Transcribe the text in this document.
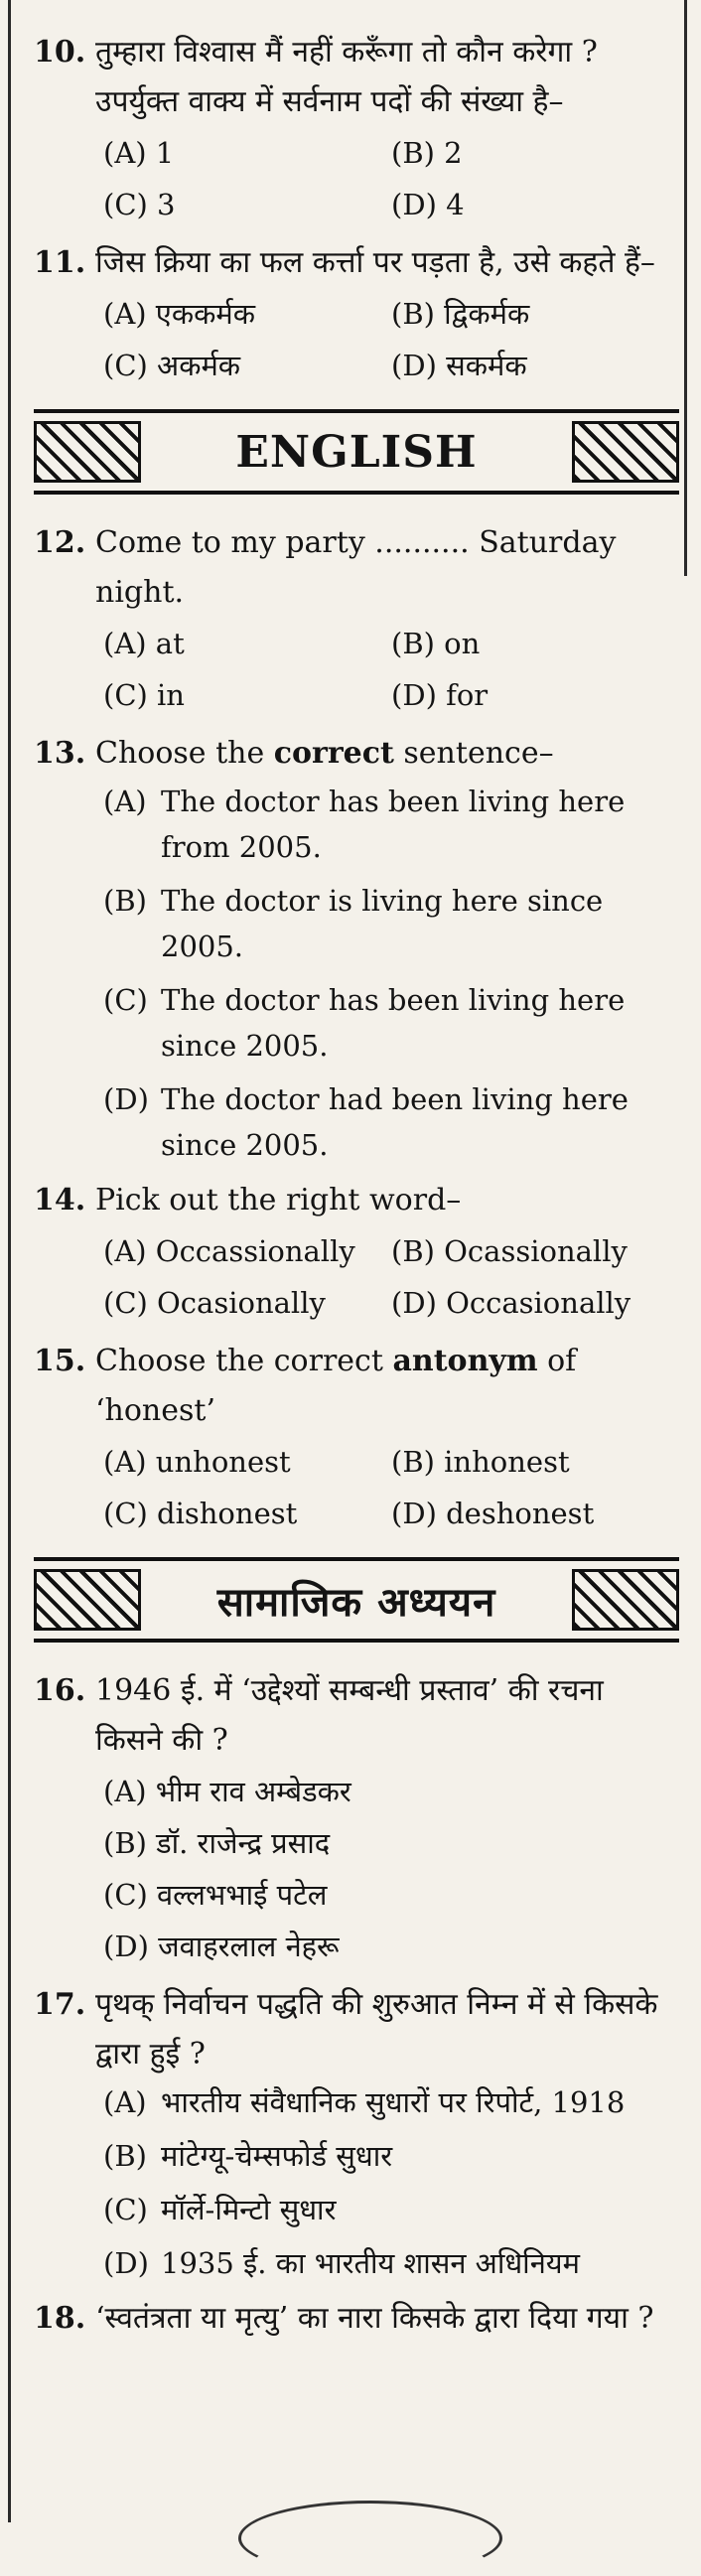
10. तुम्हारा विश्वास मैं नहीं करूँगा तो कौन करेगा ? उपर्युक्त वाक्य में सर्वनाम पदों की संख्या है–
(A) 1	(B) 2
(C) 3	(D) 4
11. जिस क्रिया का फल कर्त्ता पर पड़ता है, उसे कहते हैं–
(A) एककर्मक	(B) द्विकर्मक
(C) अकर्मक	(D) सकर्मक
ENGLISH
12. Come to my party .......... Saturday night.
(A) at	(B) on
(C) in	(D) for
13. Choose the correct sentence–
(A) The doctor has been living here from 2005.
(B) The doctor is living here since 2005.
(C) The doctor has been living here since 2005.
(D) The doctor had been living here since 2005.
14. Pick out the right word–
(A) Occassionally	(B) Ocassionally
(C) Ocasionally	(D) Occasionally
15. Choose the correct antonym of ‘honest’
(A) unhonest	(B) inhonest
(C) dishonest	(D) deshonest
सामाजिक अध्ययन
16. 1946 ई. में ‘उद्देश्यों सम्बन्धी प्रस्ताव’ की रचना किसने की ?
(A) भीम राव अम्बेडकर
(B) डॉ. राजेन्द्र प्रसाद
(C) वल्लभभाई पटेल
(D) जवाहरलाल नेहरू
17. पृथक् निर्वाचन पद्धति की शुरुआत निम्न में से किसके द्वारा हुई ?
(A) भारतीय संवैधानिक सुधारों पर रिपोर्ट, 1918
(B) मांटेग्यू-चेम्सफोर्ड सुधार
(C) मॉर्ले-मिन्टो सुधार
(D) 1935 ई. का भारतीय शासन अधिनियम
18. ‘स्वतंत्रता या मृत्यु’ का नारा किसके द्वारा दिया गया ?
